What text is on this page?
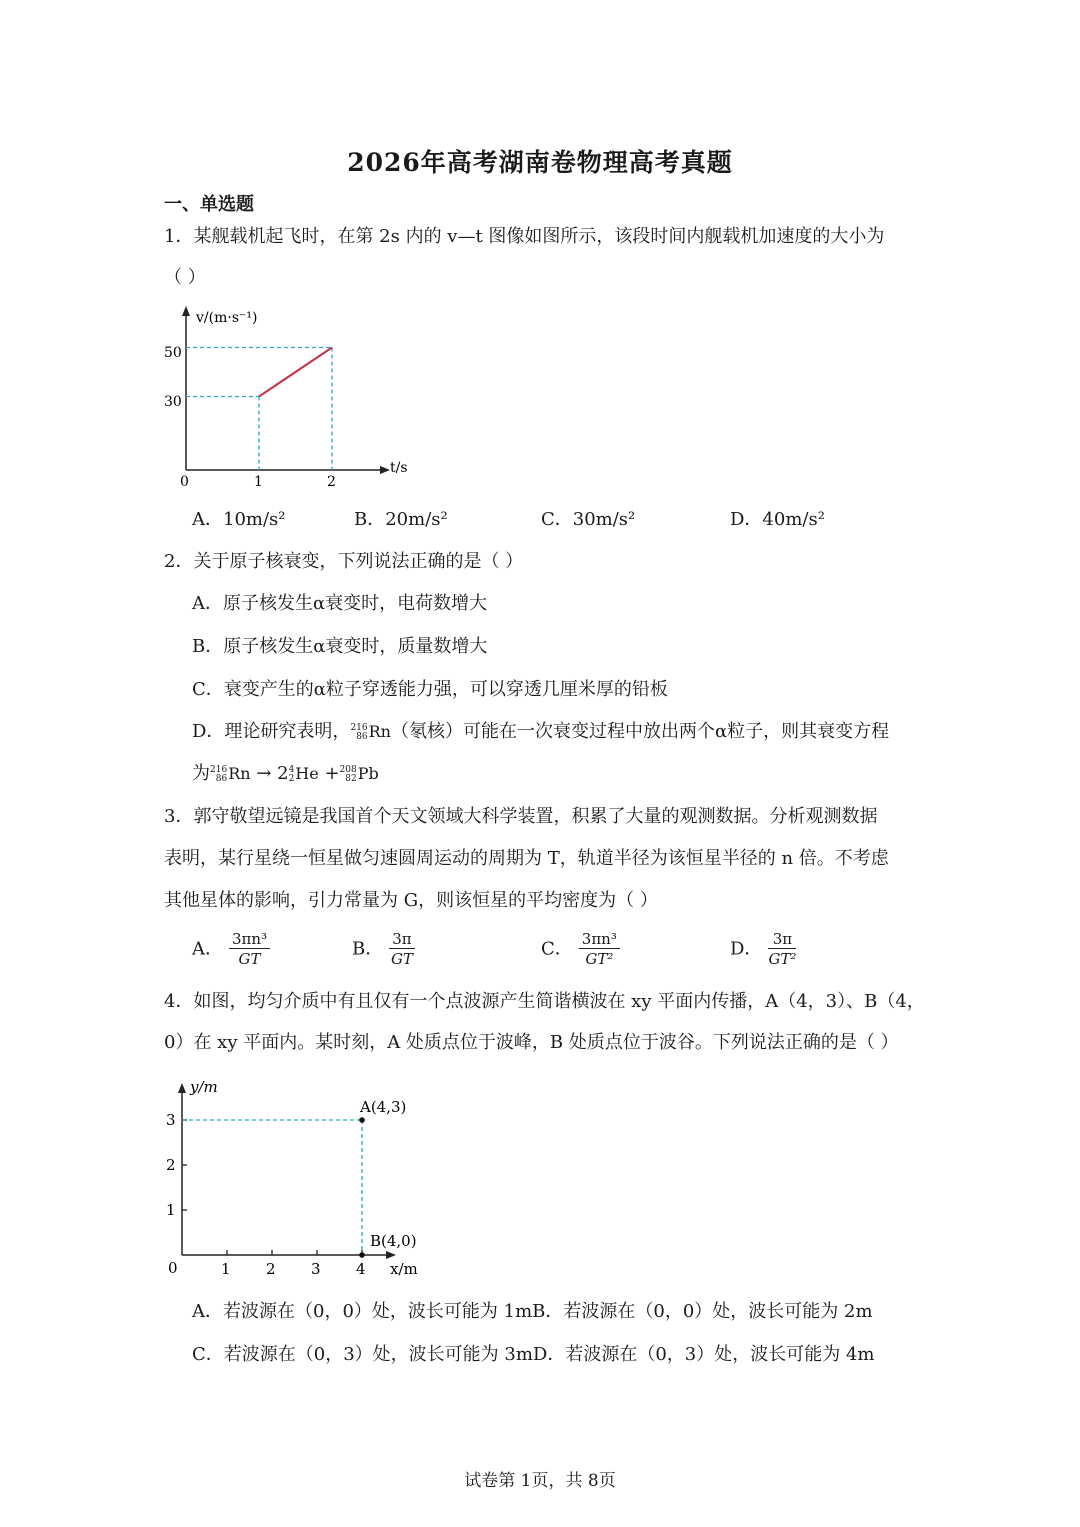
2026年高考湖南卷物理高考真题
一、单选题
1．某舰载机起飞时，在第 2s 内的 v—t 图像如图所示，该段时间内舰载机加速度的大小为
（ ）
v/(m·s⁻¹)
t/s
0
30
50
1	2
A．10m/s²	B．20m/s²	C．30m/s²	D．40m/s²
2．关于原子核衰变，下列说法正确的是（ ）
A．原子核发生α衰变时，电荷数增大
B．原子核发生α衰变时，质量数增大
C．衰变产生的α粒子穿透能力强，可以穿透几厘米厚的铅板
D．理论研究表明， 216
86 Rn（氡核）可能在一次衰变过程中放出两个α粒子，则其衰变方程
为 216
86 Rn → 2 4
2 He + 208
82 Pb
3．郭守敬望远镜是我国首个天文领域大科学装置，积累了大量的观测数据。分析观测数据
表明，某行星绕一恒星做匀速圆周运动的周期为 T，轨道半径为该恒星半径的 n 倍。不考虑
其他星体的影响，引力常量为 G，则该恒星的平均密度为（ ）
A． $\frac{\text{3πn³}}{GT}$	B． $\frac{3\pi}{GT}$	C． $\frac{\text{3πn³}}{\text{GT²}}$	D． $\frac{3\pi}{\text{GT²}}$
4．如图，均匀介质中有且仅有一个点波源产生简谐横波在 xy 平面内传播，A（4，3）、B（4，
0）在 xy 平面内。某时刻，A 处质点位于波峰，B 处质点位于波谷。下列说法正确的是（ ）
y/m
x/m
0	1 2 3 4
1
2
3
A(4,3)
B(4,0)
A．若波源在（0，0）处，波长可能为 1mB．若波源在（0，0）处，波长可能为 2m
C．若波源在（0，3）处，波长可能为 3mD．若波源在（0，3）处，波长可能为 4m
试卷第 1页，共 8页
